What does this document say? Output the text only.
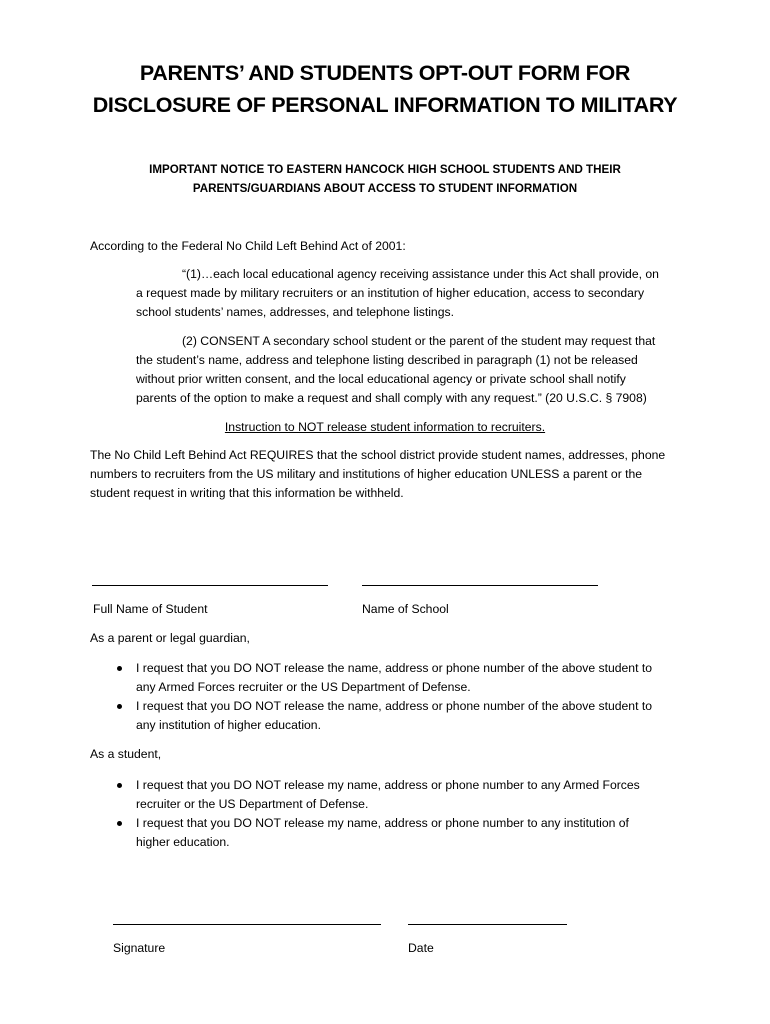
PARENTS’ AND STUDENTS OPT-OUT FORM FOR
DISCLOSURE OF PERSONAL INFORMATION TO MILITARY
IMPORTANT NOTICE TO EASTERN HANCOCK HIGH SCHOOL STUDENTS AND THEIR
PARENTS/GUARDIANS ABOUT ACCESS TO STUDENT INFORMATION
According to the Federal No Child Left Behind Act of 2001:
“(1)…each local educational agency receiving assistance under this Act shall provide, on
a request made by military recruiters or an institution of higher education, access to secondary
school students’ names, addresses, and telephone listings.
(2) CONSENT A secondary school student or the parent of the student may request that
the student’s name, address and telephone listing described in paragraph (1) not be released
without prior written consent, and the local educational agency or private school shall notify
parents of the option to make a request and shall comply with any request.” (20 U.S.C. § 7908)
Instruction to NOT release student information to recruiters.
The No Child Left Behind Act REQUIRES that the school district provide student names, addresses, phone
numbers to recruiters from the US military and institutions of higher education UNLESS a parent or the
student request in writing that this information be withheld.
Full Name of Student	Name of School
As a parent or legal guardian,
I request that you DO NOT release the name, address or phone number of the above student to
any Armed Forces recruiter or the US Department of Defense.
I request that you DO NOT release the name, address or phone number of the above student to
any institution of higher education.
As a student,
I request that you DO NOT release my name, address or phone number to any Armed Forces
recruiter or the US Department of Defense.
I request that you DO NOT release my name, address or phone number to any institution of
higher education.
Signature	Date
